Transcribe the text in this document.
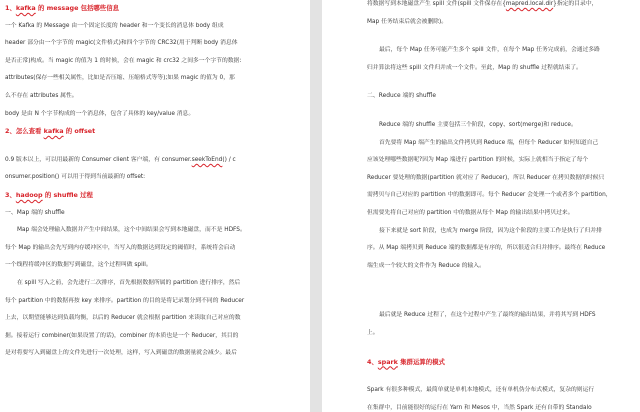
1、kafka 的 message 包括哪些信息

一个 Kafka 的 Message 由一个固定长度的 header 和一个变长的消息体 body 组成

header 部分由一个字节的 magic(文件格式)和四个字节的 CRC32(用于判断 body 消息体

是否正常)构成。当 magic 的值为 1 的时候，会在 magic 和 crc32 之间多一个字节的数据:

attributes(保存一些相关属性，比如是否压缩、压缩格式等等);如果 magic 的值为 0，那

么不存在 attributes 属性。

body 是由 N 个字节构成的一个消息体，包含了具体的 key/value 消息。

2、怎么查看 kafka 的 offset

0.9 版本以上，可以用最新的 Consumer client 客户端，有 consumer.seekToEnd() / c

onsumer.position() 可以用于得到当前最新的 offset:

3、hadoop 的 shuffle 过程

一、Map 端的 shuffle

Map 端会处理输入数据并产生中间结果，这个中间结果会写到本地磁盘，而不是 HDFS。

每个 Map 的输出会先写到内存缓冲区中，当写入的数据达到设定的阈值时，系统将会启动

一个线程将缓冲区的数据写到磁盘，这个过程叫做 spill。

在 spill 写入之前，会先进行二次排序，首先根据数据所属的 partition 进行排序，然后

每个 partition 中的数据再按 key 来排序。partition 的目的是将记录划分到不同的 Reducer

上去，以期望能够达到负载均衡，以后的 Reducer 就会根据 partition 来读取自己对应的数

据。接着运行 combiner(如果设置了的话)，combiner 的本质也是一个 Reducer，其目的

是对将要写入到磁盘上的文件先进行一次处理，这样，写入到磁盘的数据量就会减少。最后

将数据写到本地磁盘产生 spill 文件(spill 文件保存在{mapred.local.dir}指定的目录中，

Map 任务结束后就会被删除)。

最后，每个 Map 任务可能产生多个 spill 文件，在每个 Map 任务完成前，会通过多路

归并算法将这些 spill 文件归并成一个文件。至此，Map 的 shuffle 过程就结束了。

二、Reduce 端的 shuffle

Reduce 端的 shuffle 主要包括三个阶段，copy、sort(merge)和 reduce。

首先要将 Map 端产生的输出文件拷贝到 Reduce 端，但每个 Reducer 如何知道自己

应该处理哪些数据呢?因为 Map 端进行 partition 的时候，实际上就相当于指定了每个

Reducer 要处理的数据(partition 就对应了 Reducer)，所以 Reducer 在拷贝数据的时候只

需拷贝与自己对应的 partition 中的数据即可。每个 Reducer 会处理一个或者多个 partition，

但需要先将自己对应的 partition 中的数据从每个 Map 的输出结果中拷贝过来。

接下来就是 sort 阶段，也成为 merge 阶段，因为这个阶段的主要工作是执行了归并排

序。从 Map 端拷贝到 Reduce 端的数据都是有序的，所以很适合归并排序。最终在 Reduce

端生成一个较大的文件作为 Reduce 的输入。

最后就是 Reduce 过程了，在这个过程中产生了最终的输出结果，并将其写到 HDFS

上。

4、spark 集群运算的模式

Spark 有很多种模式，最简单就是单机本地模式，还有单机伪分布式模式，复杂的则运行

在集群中，目前能很好的运行在 Yarn 和 Mesos 中，当然 Spark 还有自带的 Standalo
